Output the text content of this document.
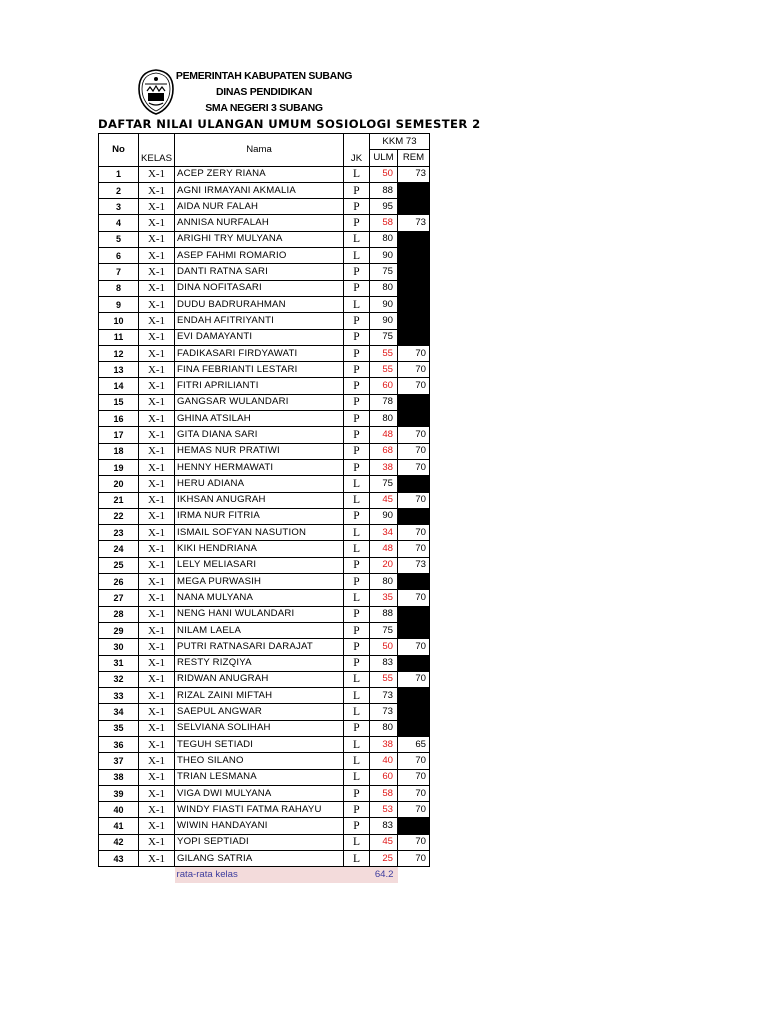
PEMERINTAH KABUPATEN SUBANG
DINAS PENDIDIKAN
SMA NEGERI 3 SUBANG
DAFTAR NILAI ULANGAN UMUM SOSIOLOGI SEMESTER 2
No	KELAS	Nama	JK	KKM 73	
				ULM	REM
1	X-1	ACEP ZERY RIANA	L	50	73
2	X-1	AGNI IRMAYANI AKMALIA	P	88	
3	X-1	AIDA NUR FALAH	P	95	
4	X-1	ANNISA NURFALAH	P	58	73
5	X-1	ARIGHI TRY MULYANA	L	80	
6	X-1	ASEP FAHMI ROMARIO	L	90	
7	X-1	DANTI RATNA SARI	P	75	
8	X-1	DINA NOFITASARI	P	80	
9	X-1	DUDU BADRURAHMAN	L	90	
10	X-1	ENDAH AFITRIYANTI	P	90	
11	X-1	EVI DAMAYANTI	P	75	
12	X-1	FADIKASARI FIRDYAWATI	P	55	70
13	X-1	FINA FEBRIANTI LESTARI	P	55	70
14	X-1	FITRI APRILIANTI	P	60	70
15	X-1	GANGSAR WULANDARI	P	78	
16	X-1	GHINA ATSILAH	P	80	
17	X-1	GITA DIANA SARI	P	48	70
18	X-1	HEMAS NUR PRATIWI	P	68	70
19	X-1	HENNY HERMAWATI	P	38	70
20	X-1	HERU ADIANA	L	75	
21	X-1	IKHSAN ANUGRAH	L	45	70
22	X-1	IRMA NUR FITRIA	P	90	
23	X-1	ISMAIL SOFYAN NASUTION	L	34	70
24	X-1	KIKI HENDRIANA	L	48	70
25	X-1	LELY MELIASARI	P	20	73
26	X-1	MEGA PURWASIH	P	80	
27	X-1	NANA MULYANA	L	35	70
28	X-1	NENG HANI WULANDARI	P	88	
29	X-1	NILAM LAELA	P	75	
30	X-1	PUTRI RATNASARI DARAJAT	P	50	70
31	X-1	RESTY RIZQIYA	P	83	
32	X-1	RIDWAN ANUGRAH	L	55	70
33	X-1	RIZAL ZAINI MIFTAH	L	73	
34	X-1	SAEPUL ANGWAR	L	73	
35	X-1	SELVIANA SOLIHAH	P	80	
36	X-1	TEGUH SETIADI	L	38	65
37	X-1	THEO SILANO	L	40	70
38	X-1	TRIAN LESMANA	L	60	70
39	X-1	VIGA DWI MULYANA	P	58	70
40	X-1	WINDY FIASTI FATMA RAHAYU	P	53	70
41	X-1	WIWIN HANDAYANI	P	83	
42	X-1	YOPI SEPTIADI	L	45	70
43	X-1	GILANG SATRIA	L	25	70
		rata-rata kelas		64.2	
